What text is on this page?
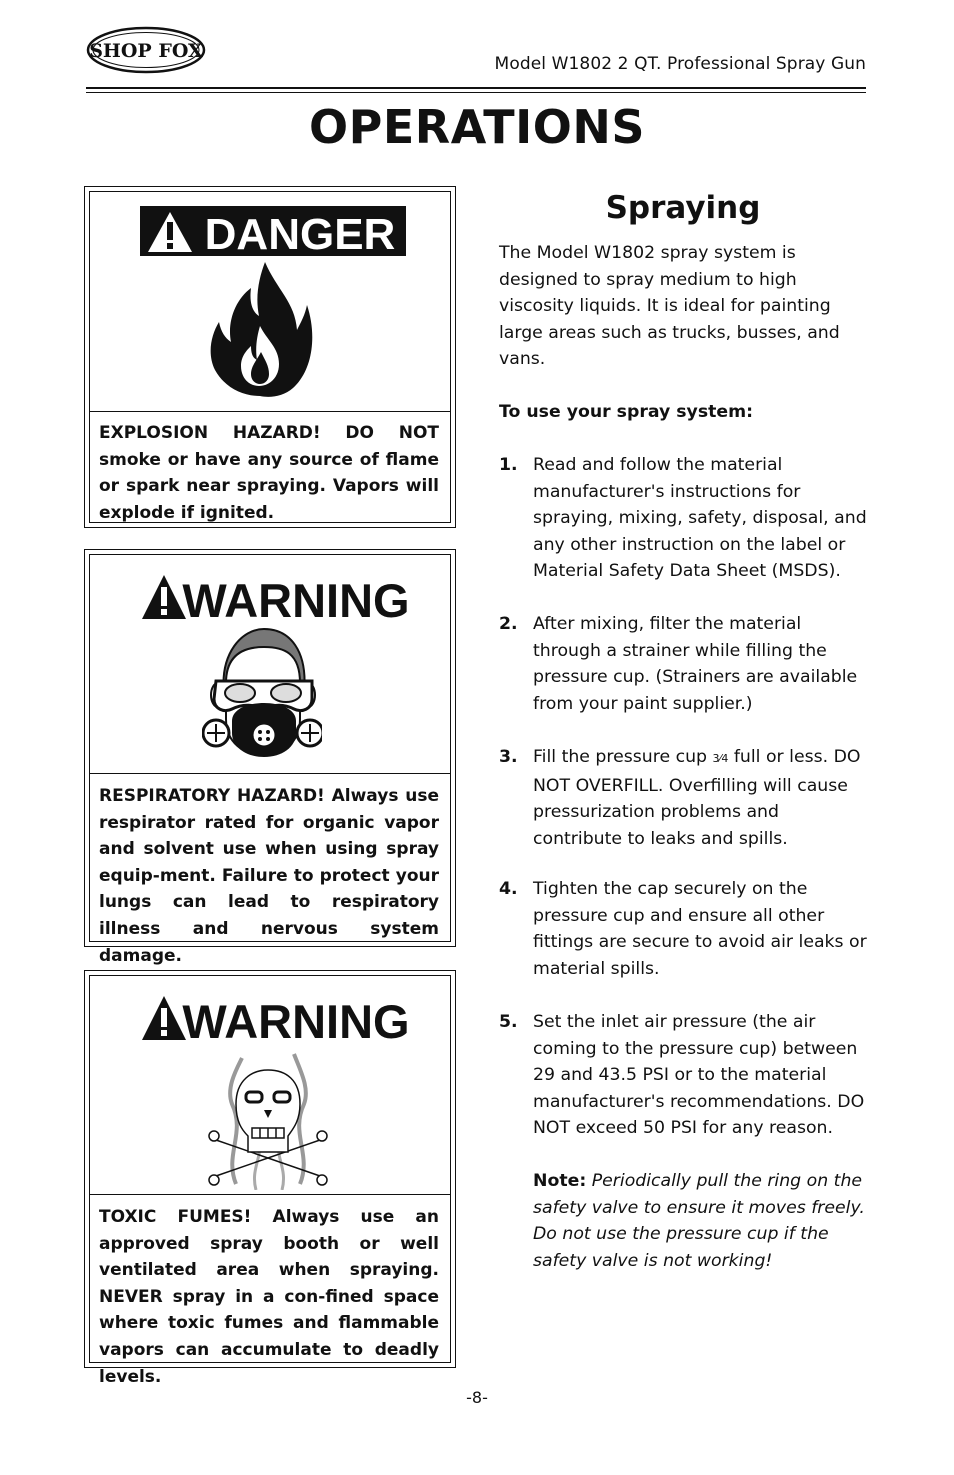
SHOP FOX
Model W1802 2 QT. Professional Spray Gun
OPERATIONS
DANGER
EXPLOSION HAZARD! DO NOT smoke or have any source of flame or spark near spraying. Vapors will explode if ignited.
WARNING
RESPIRATORY HAZARD! Always use respirator rated for organic vapor and solvent use when using spray equip-ment. Failure to protect your lungs can lead to respiratory illness and nervous system damage.
WARNING
TOXIC FUMES! Always use an approved spray booth or well ventilated area when spraying. NEVER spray in a con-fined space where toxic fumes and flammable vapors can accumulate to deadly levels.
Spraying
The Model W1802 spray system is designed to spray medium to high viscosity liquids. It is ideal for painting large areas such as trucks, busses, and vans.
To use your spray system:
1. Read and follow the material manufacturer's instructions for spraying, mixing, safety, disposal, and any other instruction on the label or Material Safety Data Sheet (MSDS).
2. After mixing, filter the material through a strainer while filling the pressure cup. (Strainers are available from your paint supplier.)
3. Fill the pressure cup 3⁄4 full or less. DO NOT OVERFILL. Overfilling will cause pressurization problems and contribute to leaks and spills.
4. Tighten the cap securely on the pressure cup and ensure all other fittings are secure to avoid air leaks or material spills.
5. Set the inlet air pressure (the air coming to the pressure cup) between 29 and 43.5 PSI or to the material manufacturer's recommendations. DO NOT exceed 50 PSI for any reason.
Note: Periodically pull the ring on the safety valve to ensure it moves freely. Do not use the pressure cup if the safety valve is not working!
-8-
